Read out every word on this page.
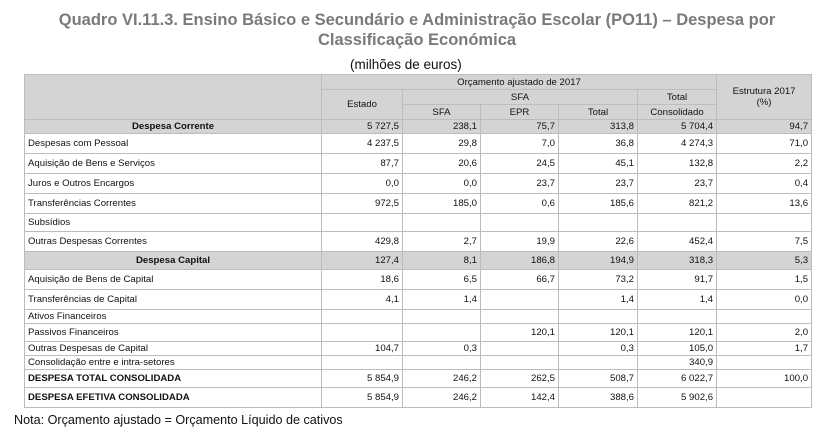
Quadro VI.11.3. Ensino Básico e Secundário e Administração Escolar (PO11) – Despesa por
Classificação Económica
(milhões de euros)
	Orçamento ajustado de 2017					Estrutura 2017
(%)

	Estado	SFA			Total	
		SFA	EPR	Total	Consolidado	
Despesa Corrente	5 727,5	238,1	75,7	313,8	5 704,4	94,7
Despesas com Pessoal	4 237,5	29,8	7,0	36,8	4 274,3	71,0
Aquisição de Bens e Serviços	87,7	20,6	24,5	45,1	132,8	2,2
Juros e Outros Encargos	0,0	0,0	23,7	23,7	23,7	0,4
Transferências Correntes	972,5	185,0	0,6	185,6	821,2	13,6
Subsídios						
Outras Despesas Correntes	429,8	2,7	19,9	22,6	452,4	7,5
Despesa Capital	127,4	8,1	186,8	194,9	318,3	5,3
Aquisição de Bens de Capital	18,6	6,5	66,7	73,2	91,7	1,5
Transferências de Capital	4,1	1,4		1,4	1,4	0,0
Ativos Financeiros						
Passivos Financeiros			120,1	120,1	120,1	2,0
Outras Despesas de Capital	104,7	0,3		0,3	105,0	1,7
Consolidação entre e intra-setores					340,9	
DESPESA TOTAL CONSOLIDADA	5 854,9	246,2	262,5	508,7	6 022,7	100,0
DESPESA EFETIVA CONSOLIDADA	5 854,9	246,2	142,4	388,6	5 902,6	
Nota: Orçamento ajustado = Orçamento Líquido de cativos
